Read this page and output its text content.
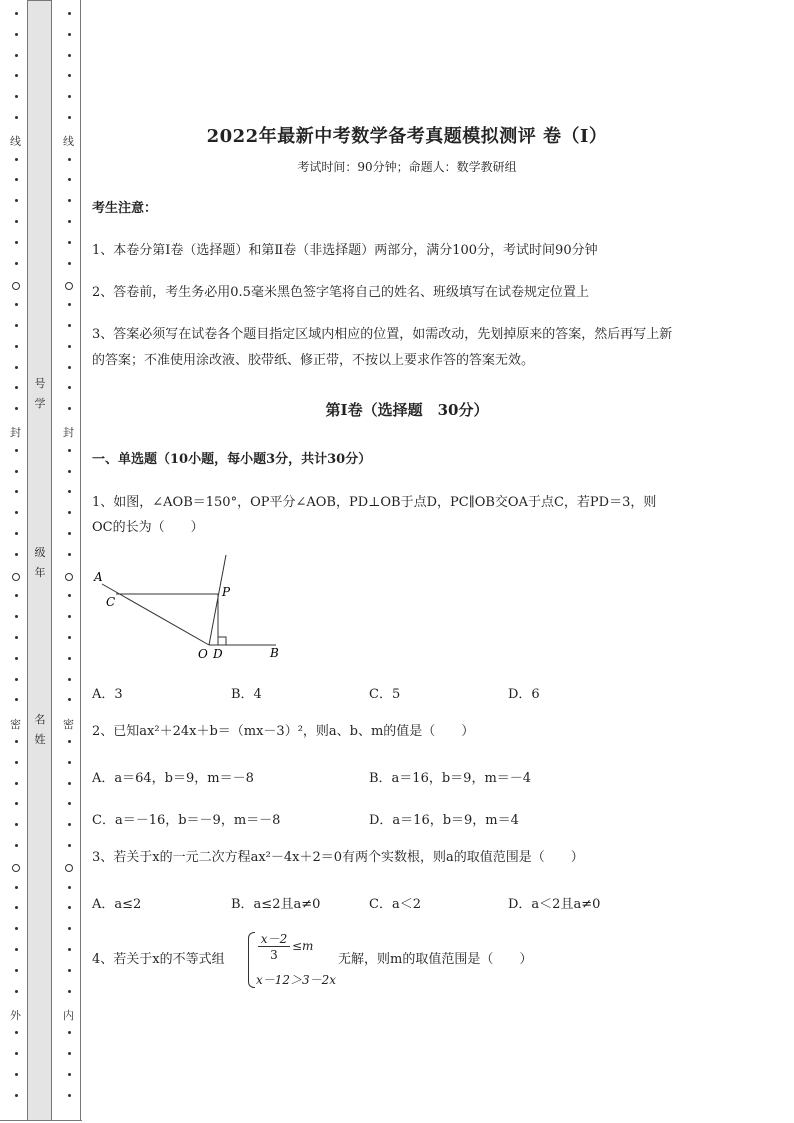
线
封
密
外
线
封
密
内
号
学
级
年
名
姓
2022年最新中考数学备考真题模拟测评 卷（Ⅰ）
考试时间：90分钟；命题人：数学教研组
考生注意：
1、本卷分第I卷（选择题）和第Ⅱ卷（非选择题）两部分，满分100分，考试时间90分钟
2、答卷前，考生务必用0.5毫米黑色签字笔将自己的姓名、班级填写在试卷规定位置上
3、答案必须写在试卷各个题目指定区域内相应的位置，如需改动，先划掉原来的答案，然后再写上新
的答案；不准使用涂改液、胶带纸、修正带，不按以上要求作答的答案无效。
第Ⅰ卷（选择题　30分）
一、单选题（10小题，每小题3分，共计30分）
1、如图，∠AOB＝150°，OP平分∠AOB，PD⊥OB于点D，PC∥OB交OA于点C，若PD＝3，则
OC的长为（　　）
A
C
P
O D	B
A．3	B．4	C．5	D．6
2、已知ax²＋24x＋b＝（mx－3）²，则a、b、m的值是（　　）
A．a＝64，b＝9，m＝－8	B．a＝16，b＝9，m＝－4
C．a＝－16，b＝－9，m＝－8	D．a＝16，b＝9，m＝4
3、若关于x的一元二次方程ax²－4x＋2＝0有两个实数根，则a的取值范围是（　　）
A．a≤2	B．a≤2且a≠0	C．a＜2	D．a＜2且a≠0
4、若关于x的不等式组
x－2
3
≤m
x－12＞3－2x
无解，则m的取值范围是（　　）
